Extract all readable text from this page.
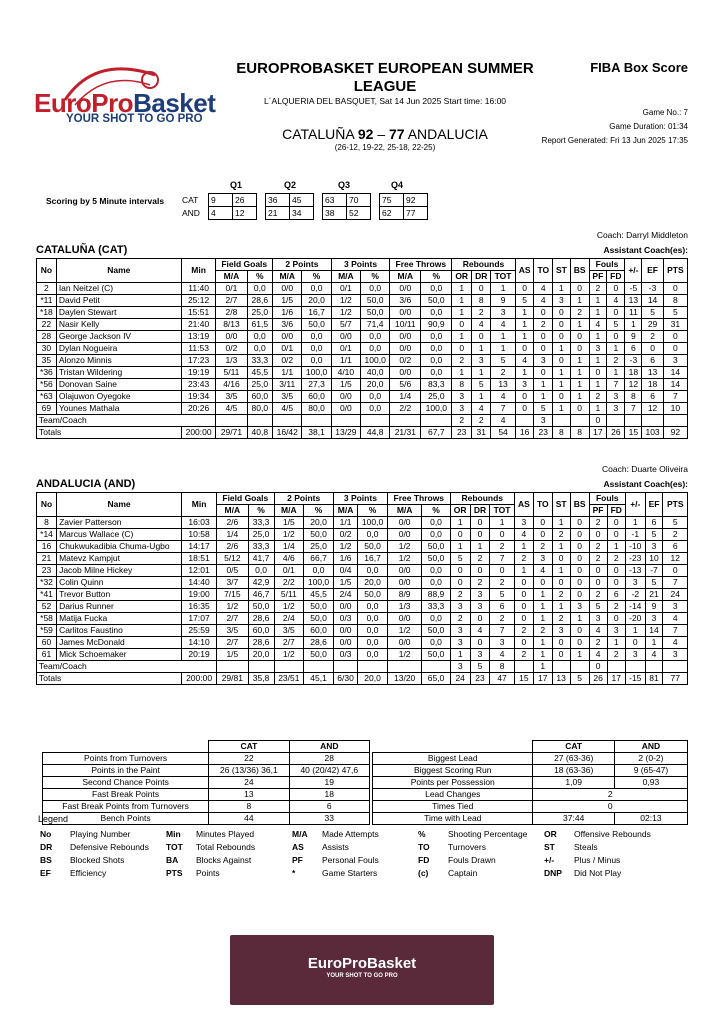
EuroProBasket
YOUR SHOT TO GO PRO
EUROPROBASKET EUROPEAN SUMMER LEAGUE
L´ALQUERIA DEL BASQUET, Sat 14 Jun 2025 Start time: 16:00
CATALUÑA 92 – 77 ANDALUCIA
(26-12, 19-22, 25-18, 22-25)
FIBA Box Score
Game No.: 7
Game Duration: 01:34
Report Generated: Fri 13 Jun 2025 17:35
Scoring by 5 Minute intervals
Q1	Q2	Q3	Q4
CAT	9	26		36	45		63	70		75	92
AND	4	12		21	34		38	52		62	77
Coach: Darryl Middleton
CATALUÑA (CAT)	Assistant Coach(es):
No	Name	Min	Field Goals		2 Points		3 Points		Free Throws		Rebounds			AS	TO	ST	BS	Fouls		+/-	EF	PTS
			M/A	%	M/A	%	M/A	%	M/A	%	OR	DR	TOT					PF	FD			
2	Ian Neitzel (C)	11:40	0/1	0,0	0/0	0,0	0/1	0,0	0/0	0,0	1	0	1	0	4	1	0	2	0	-5	-3	0
*11	David Petit	25:12	2/7	28,6	1/5	20,0	1/2	50,0	3/6	50,0	1	8	9	5	4	3	1	1	4	13	14	8
*18	Daylen Stewart	15:51	2/8	25,0	1/6	16,7	1/2	50,0	0/0	0,0	1	2	3	1	0	0	2	1	0	11	5	5
22	Nasir Kelly	21:40	8/13	61,5	3/6	50,0	5/7	71,4	10/11	90,9	0	4	4	1	2	0	1	4	5	1	29	31
28	George Jackson IV	13:19	0/0	0,0	0/0	0,0	0/0	0,0	0/0	0,0	1	0	1	1	0	0	0	1	0	9	2	0
30	Dylan Nogueira	11:53	0/2	0,0	0/1	0,0	0/1	0,0	0/0	0,0	0	1	1	0	0	1	0	3	1	6	0	0
35	Alonzo Minnis	17:23	1/3	33,3	0/2	0,0	1/1	100,0	0/2	0,0	2	3	5	4	3	0	1	1	2	-3	6	3
*36	Tristan Wildering	19:19	5/11	45,5	1/1	100,0	4/10	40,0	0/0	0,0	1	1	2	1	0	1	1	0	1	18	13	14
*56	Donovan Saine	23:43	4/16	25,0	3/11	27,3	1/5	20,0	5/6	83,3	8	5	13	3	1	1	1	1	7	12	18	14
*63	Olajuwon Oyegoke	19:34	3/5	60,0	3/5	60,0	0/0	0,0	1/4	25,0	3	1	4	0	1	0	1	2	3	8	6	7
69	Younes Mathala	20:26	4/5	80,0	4/5	80,0	0/0	0,0	2/2	100,0	3	4	7	0	5	1	0	1	3	7	12	10
Team/Coach											2	2	4		3			0				
Totals		200:00	29/71	40,8	16/42	38,1	13/29	44,8	21/31	67,7	23	31	54	16	23	8	8	17	26	15	103	92
Coach: Duarte Oliveira
ANDALUCIA (AND)	Assistant Coach(es):
No	Name	Min	Field Goals		2 Points		3 Points		Free Throws		Rebounds			AS	TO	ST	BS	Fouls		+/-	EF	PTS
			M/A	%	M/A	%	M/A	%	M/A	%	OR	DR	TOT					PF	FD			
8	Zavier Patterson	16:03	2/6	33,3	1/5	20,0	1/1	100,0	0/0	0,0	1	0	1	3	0	1	0	2	0	1	6	5
*14	Marcus Wallace (C)	10:58	1/4	25,0	1/2	50,0	0/2	0,0	0/0	0,0	0	0	0	4	0	2	0	0	0	-1	5	2
16	Chukwukadibia Chuma-Ugbo	14:17	2/6	33,3	1/4	25,0	1/2	50,0	1/2	50,0	1	1	2	1	2	1	0	2	1	-10	3	6
21	Matevz Kampjut	18:51	5/12	41,7	4/6	66,7	1/6	16,7	1/2	50,0	5	2	7	2	3	0	0	2	2	-23	10	12
23	Jacob Milne Hickey	12:01	0/5	0,0	0/1	0,0	0/4	0,0	0/0	0,0	0	0	0	1	4	1	0	0	0	-13	-7	0
*32	Colin Quinn	14:40	3/7	42,9	2/2	100,0	1/5	20,0	0/0	0,0	0	2	2	0	0	0	0	0	0	3	5	7
*41	Trevor Button	19:00	7/15	46,7	5/11	45,5	2/4	50,0	8/9	88,9	2	3	5	0	1	2	0	2	6	-2	21	24
52	Darius Runner	16:35	1/2	50,0	1/2	50,0	0/0	0,0	1/3	33,3	3	3	6	0	1	1	3	5	2	-14	9	3
*58	Matija Fucka	17:07	2/7	28,6	2/4	50,0	0/3	0,0	0/0	0,0	2	0	2	0	1	2	1	3	0	-20	3	4
*59	Carlitos Faustino	25:59	3/5	60,0	3/5	60,0	0/0	0,0	1/2	50,0	3	4	7	2	2	3	0	4	3	1	14	7
60	James McDonald	14:10	2/7	28,6	2/7	28,6	0/0	0,0	0/0	0,0	3	0	3	0	1	0	0	2	1	0	1	4
61	Mick Schoemaker	20:19	1/5	20,0	1/2	50,0	0/3	0,0	1/2	50,0	1	3	4	2	1	0	1	4	2	3	4	3
Team/Coach											3	5	8		1			0				
Totals		200:00	29/81	35,8	23/51	45,1	6/30	20,0	13/20	65,0	24	23	47	15	17	13	5	26	17	-15	81	77
	CAT	AND
Points from Turnovers	22	28
Points in the Paint	26 (13/36) 36,1	40 (20/42) 47,6
Second Chance Points	24	19
Fast Break Points	13	18
Fast Break Points from Turnovers	8	6
Bench Points	44	33
	CAT	AND
Biggest Lead	27 (63-36)	2 (0-2)
Biggest Scoring Run	18 (63-36)	9 (65-47)
Points per Possession	1,09	0,93
Lead Changes	2	
Times Tied	0	
Time with Lead	37:44	02:13
Legend
No	Playing Number	Min	Minutes Played	M/A	Made Attempts	%	Shooting Percentage	OR	Offensive Rebounds
DR	Defensive Rebounds	TOT	Total Rebounds	AS	Assists	TO	Turnovers	ST	Steals
BS	Blocked Shots	BA	Blocks Against	PF	Personal Fouls	FD	Fouls Drawn	+/-	Plus / Minus
EF	Efficiency	PTS	Points	*	Game Starters	(c)	Captain	DNP	Did Not Play
EuroProBasket
YOUR SHOT TO GO PRO
